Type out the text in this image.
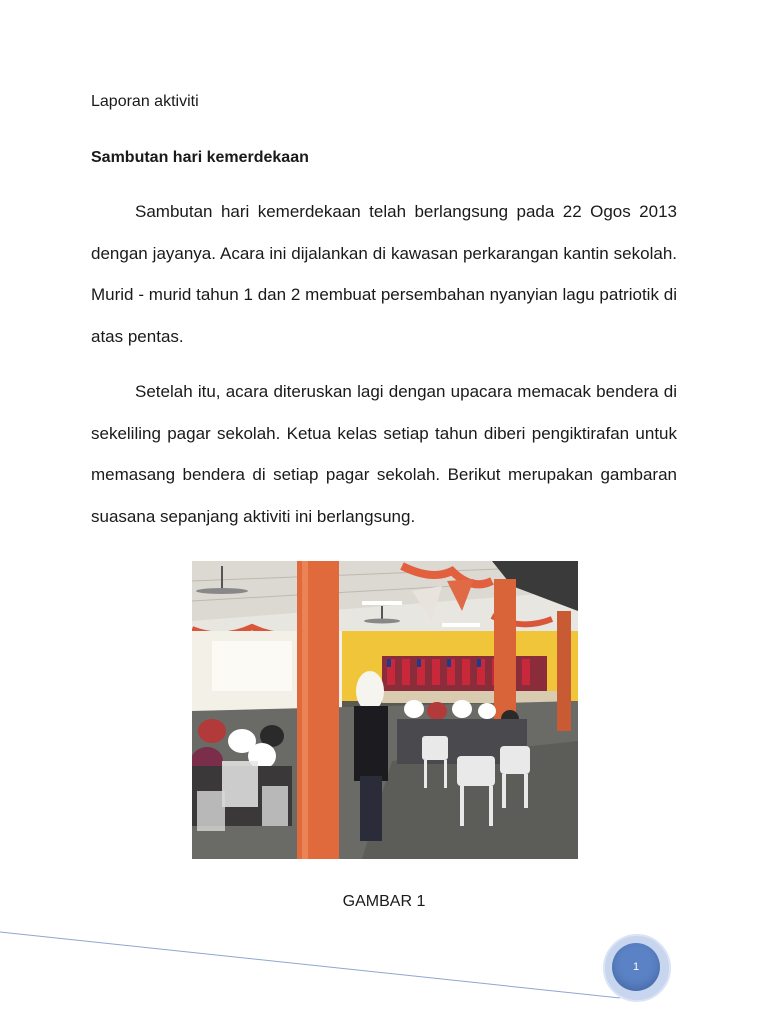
Laporan aktiviti
Sambutan hari kemerdekaan

Sambutan hari kemerdekaan telah berlangsung pada 22 Ogos 2013 dengan jayanya. Acara ini dijalankan di kawasan perkarangan kantin sekolah. Murid - murid tahun 1 dan 2 membuat persembahan nyanyian lagu patriotik di atas pentas.

Setelah itu, acara diteruskan lagi dengan upacara memacak bendera di sekeliling pagar sekolah. Ketua kelas setiap tahun diberi pengiktirafan untuk memasang bendera di setiap pagar sekolah. Berikut merupakan gambaran suasana sepanjang aktiviti ini berlangsung.

GAMBAR 1
1
